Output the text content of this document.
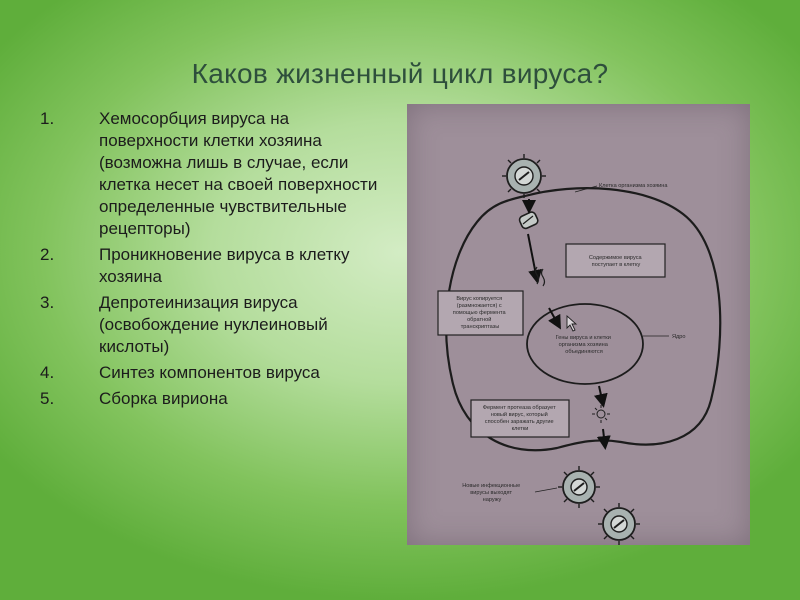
Каков жизненный цикл вируса?
1.	Хемосорбция вируса на поверхности клетки хозяина (возможна лишь в случае, если клетка несет на своей поверхности определенные чувствительные рецепторы)
2.	Проникновение вируса в клетку хозяина
3.	Депротеинизация вируса (освобождение нуклеиновый кислоты)
4.	Синтез компонентов вируса
5.	Сборка вириона
Клетка организма хозяина
Содержимое вируса поступает в клетку
Вирус копируется (размножается) с помощью фермента обратной транскриптазы
Гены вируса и клетки организма хозяина объединяются
Ядро
Фермент протеаза образует новый вирус, который способен заражать другие клетки
Новые инфекционные вирусы выходят наружу
